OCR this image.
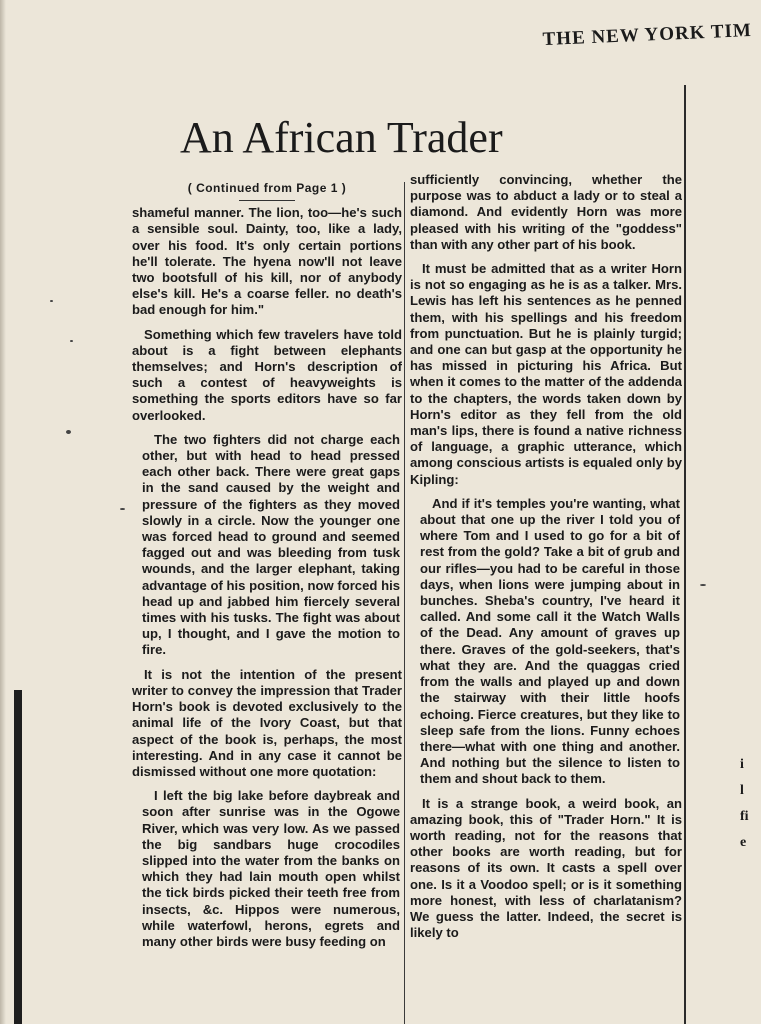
THE NEW YORK TIM
An African Trader
( Continued from Page 1 )

shameful manner. The lion, too—he's such a sensible soul. Dainty, too, like a lady, over his food. It's only certain portions he'll tolerate. The hyena now'll not leave two bootsfull of his kill, nor of anybody else's kill. He's a coarse feller. no death's bad enough for him."

Something which few travelers have told about is a fight between elephants themselves; and Horn's description of such a contest of heavyweights is something the sports editors have so far overlooked.

The two fighters did not charge each other, but with head to head pressed each other back. There were great gaps in the sand caused by the weight and pressure of the fighters as they moved slowly in a circle. Now the younger one was forced head to ground and seemed fagged out and was bleeding from tusk wounds, and the larger elephant, taking advantage of his position, now forced his head up and jabbed him fiercely several times with his tusks. The fight was about up, I thought, and I gave the motion to fire.

It is not the intention of the present writer to convey the impression that Trader Horn's book is devoted exclusively to the animal life of the Ivory Coast, but that aspect of the book is, perhaps, the most interesting. And in any case it cannot be dismissed without one more quotation:

I left the big lake before daybreak and soon after sunrise was in the Ogowe River, which was very low. As we passed the big sandbars huge crocodiles slipped into the water from the banks on which they had lain mouth open whilst the tick birds picked their teeth free from insects, &c. Hippos were numerous, while waterfowl, herons, egrets and many other birds were busy feeding on

sufficiently convincing, whether the purpose was to abduct a lady or to steal a diamond. And evidently Horn was more pleased with his writing of the "goddess" than with any other part of his book.

It must be admitted that as a writer Horn is not so engaging as he is as a talker. Mrs. Lewis has left his sentences as he penned them, with his spellings and his freedom from punctuation. But he is plainly turgid; and one can but gasp at the opportunity he has missed in picturing his Africa. But when it comes to the matter of the addenda to the chapters, the words taken down by Horn's editor as they fell from the old man's lips, there is found a native richness of language, a graphic utterance, which among conscious artists is equaled only by Kipling:

And if it's temples you're wanting, what about that one up the river I told you of where Tom and I used to go for a bit of rest from the gold? Take a bit of grub and our rifles—you had to be careful in those days, when lions were jumping about in bunches. Sheba's country, I've heard it called. And some call it the Watch Walls of the Dead. Any amount of graves up there. Graves of the gold-seekers, that's what they are. And the quaggas cried from the walls and played up and down the stairway with their little hoofs echoing. Fierce creatures, but they like to sleep safe from the lions. Funny echoes there—what with one thing and another. And nothing but the silence to listen to them and shout back to them.

It is a strange book, a weird book, an amazing book, this of "Trader Horn." It is worth reading, not for the reasons that other books are worth reading, but for reasons of its own. It casts a spell over one. Is it a Voodoo spell; or is it something more honest, with less of charlatanism? We guess the latter. Indeed, the secret is likely to

i
l
fi
e
